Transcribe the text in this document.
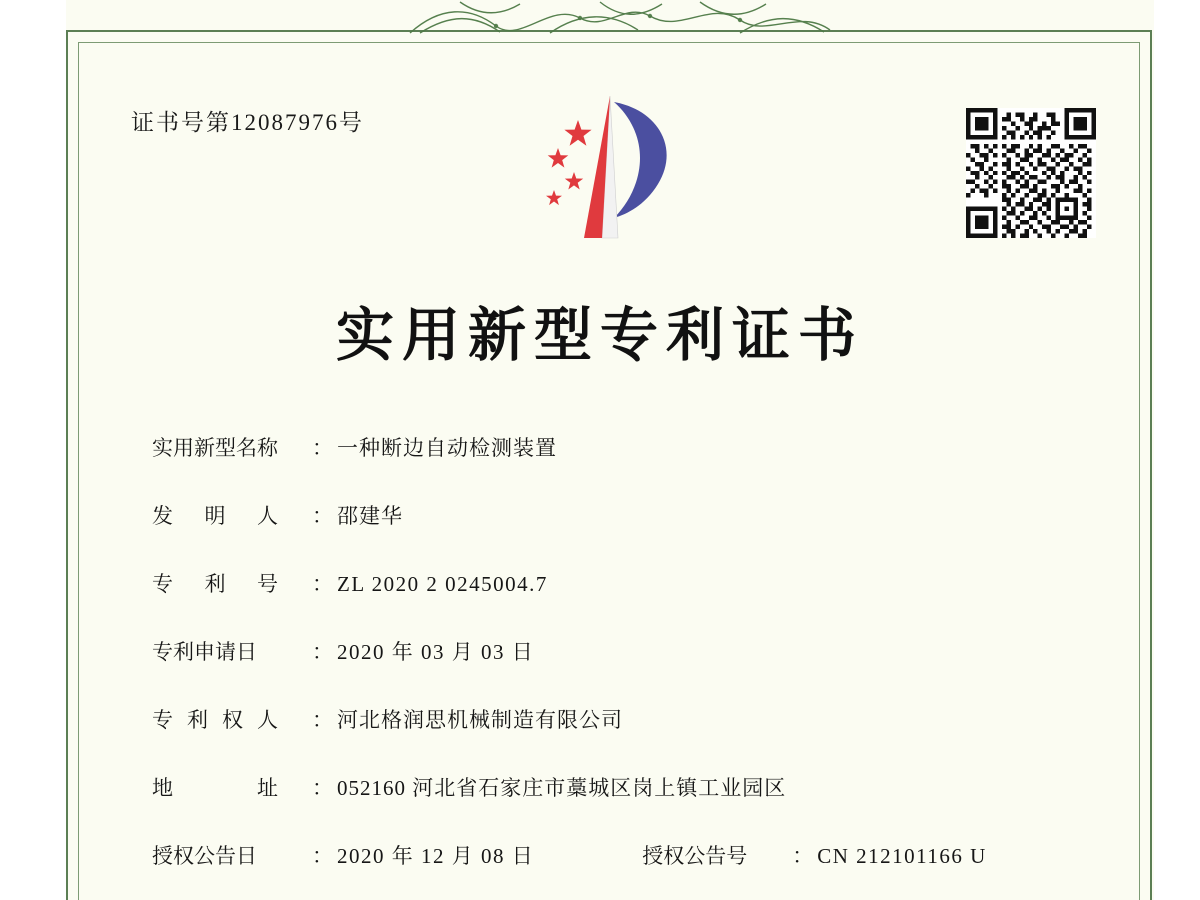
证书号第12087976号
实用新型专利证书
实用新型名称	： 一种断边自动检测装置
发 明 人 ： 邵建华
专 利 号 ： ZL 2020 2 0245004.7
专利申请日	： 2020 年 03 月 03 日
专 利 权 人 ： 河北格润思机械制造有限公司
地	址 ： 052160 河北省石家庄市藁城区岗上镇工业园区
授权公告日	： 2020 年 12 月 08 日	授权公告号	： CN 212101166 U
